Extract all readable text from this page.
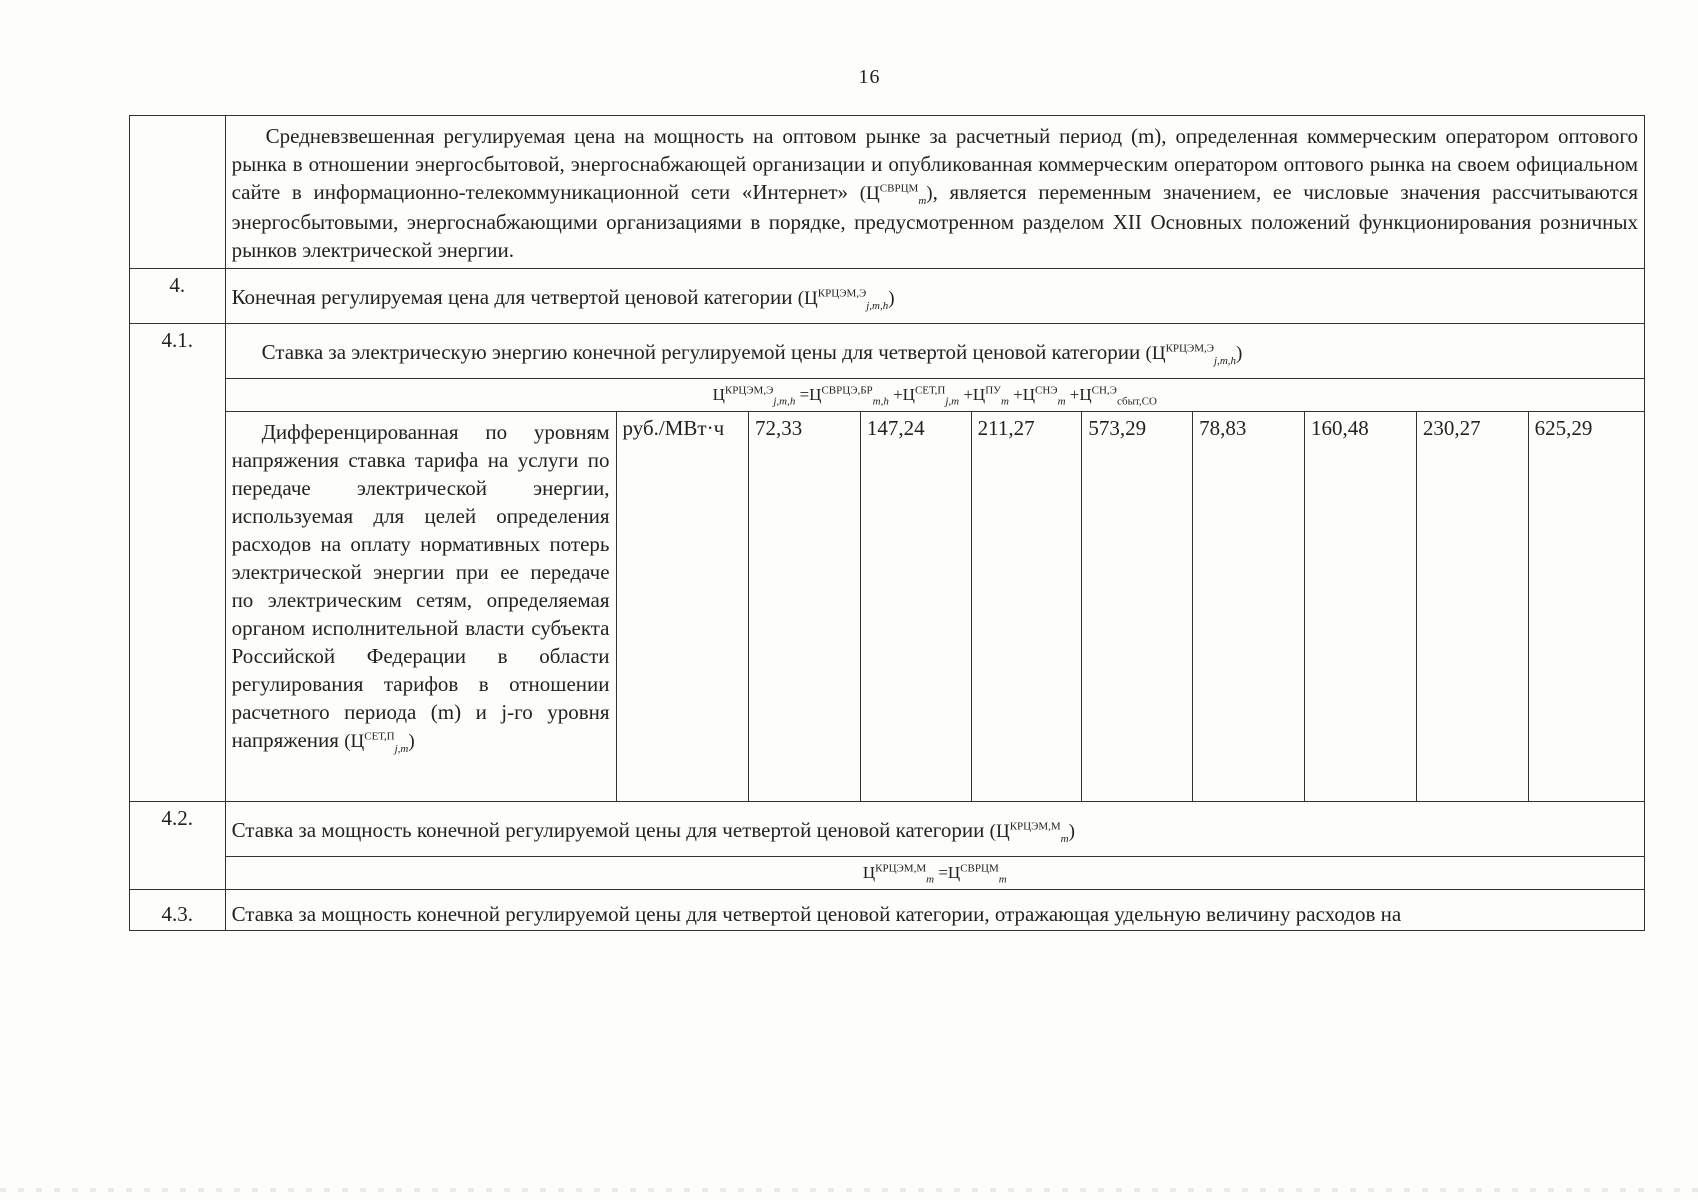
16

	Средневзвешенная регулируемая цена на мощность на оптовом рынке за расчетный период (m), определенная коммерческим оператором оптового рынка в отношении энергосбытовой, энергоснабжающей организации и опубликованная коммерческим оператором оптового рынка на своем официальном сайте в информационно-телекоммуникационной сети «Интернет» $(Ц^{СВРЦМ}_m)$, является переменным значением, ее числовые значения рассчитываются энергосбытовыми, энергоснабжающими организациями в порядке, предусмотренном разделом XII Основных положений функционирования розничных рынков электрической энергии.									

4.	Конечная регулируемая цена для четвертой ценовой категории $(Ц^{КРЦЭМ,Э}_{j,m,h})$									
4.1.	Ставка за электрическую энергию конечной регулируемой цены для четвертой ценовой категории $(Ц^{КРЦЭМ,Э}_{j,m,h})$									
	$Ц^{КРЦЭМ,Э}_{j,m,h} =Ц^{СВРЦЭ,БР}_{m,h} +Ц^{СЕТ,П}_{j,m} +Ц^{ПУ}_m +Ц^{СНЭ}_m +Ц^{СН,Э}_{сбыт,СО}$
	Дифференцированная по уровням напряжения ставка тарифа на услуги по передаче электрической энергии, используемая для целей определения расходов на оплату нормативных потерь электрической энергии при ее передаче по электрическим сетям, определяемая органом исполнительной власти субъекта Российской Федерации в области регулирования тарифов в отношении расчетного периода (m) и j-го уровня напряжения $(Ц^{СЕТ,П}_{j,m})$	руб./МВт·ч	72,33	147,24	211,27	573,29	78,83	160,48	230,27	625,29
4.2.	Ставка за мощность конечной регулируемой цены для четвертой ценовой категории $(Ц^{КРЦЭМ,М}_m)$									
	$Ц^{КРЦЭМ,М}_m =Ц^{СВРЦМ}_m$
4.3.	Ставка за мощность конечной регулируемой цены для четвертой ценовой категории, отражающая удельную величину расходов на									
